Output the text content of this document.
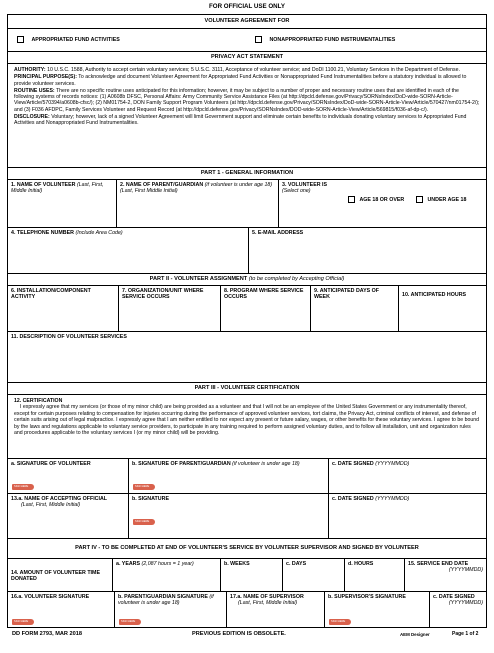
FOR OFFICIAL USE ONLY
VOLUNTEER AGREEMENT FOR
APPROPRIATED FUND ACTIVITIES	NONAPPROPRIATED FUND INSTRUMENTALITIES
PRIVACY ACT STATEMENT

AUTHORITY: 10 U.S.C. 1588, Authority to accept certain voluntary services; 5 U.S.C. 3111, Acceptance of volunteer service; and DoDI 1100.21, Voluntary Services in the Department of Defense.

PRINCIPAL PURPOSE(S): To acknowledge and document Volunteer Agreement for Appropriated Fund Activities or Nonappropriated Fund Instrumentalities before a statutory individual is allowed to provide volunteer services.

ROUTINE USES: There are no specific routine uses anticipated for this information; however, it may be subject to a number of proper and necessary routine uses that are identified in each of the following systems of records notices: (1) A0608b DFSC, Personal Affairs: Army Community Service Assistance Files (at http://dpcld.defense.gov/Privacy/SORNsIndex/DoD-wide-SORN-Article-View/Article/570394/a0608b-cfsc/); (2) NM01754-2, DON Family Support Program Volunteers (at http://dpcld.defense.gov/Privacy/SORNsIndex/DoD-wide-SORN-Article-View/Article/570427/nm01754-2/); and (3) F036 AFDPC, Family Services Volunteer and Request Record (at http://dpcld.defense.gov/Privacy/SORNsIndex/DOD-wide-SORN-Article-View/Article/569815/f036-af-dp-c/).

DISCLOSURE: Voluntary; however, lack of a signed Volunteer Agreement will limit Government support and eliminate certain benefits to individuals donating voluntary services to Appropriated Fund Activities and Nonappropriated Fund Instrumentalities.

PART 1 - GENERAL INFORMATION
1. NAME OF VOLUNTEER (Last, First, Middle Initial)
2. NAME OF PARENT/GUARDIAN (if volunteer is under age 18) (Last, First Middle Initial)
3. VOLUNTEER IS
(Select one)
AGE 18 OR OVER	UNDER AGE 18
4. TELEPHONE NUMBER (Include Area Code)	5. E-MAIL ADDRESS
PART II - VOLUNTEER ASSIGNMENT (to be completed by Accepting Official)
6. INSTALLATION/COMPONENT ACTIVITY
7. ORGANIZATION/UNIT WHERE SERVICE OCCURS
8. PROGRAM WHERE SERVICE OCCURS
9. ANTICIPATED DAYS OF WEEK	10. ANTICIPATED HOURS
11. DESCRIPTION OF VOLUNTEER SERVICES
PART III - VOLUNTEER CERTIFICATION
12. CERTIFICATION
I expressly agree that my services (or those of my minor child) are being provided as a volunteer and that I will not be an employee of the United States Government or any instrumentality thereof, except for certain purposes relating to compensation for injuries occurring during the performance of approved volunteer services, tort claims, the Privacy Act, criminal conflicts of interest, and defense of certain suits arising out of legal malpractice. I expressly agree that I am neither entitled to nor expect any present or future salary, wages, or other benefits for these voluntary services. I agree to be bound by the laws and regulations applicable to voluntary service providers, to participate in any training required to perform assigned voluntary duties, and to follow all installation, unit and organization rules and procedures applicable to the voluntary services I (or my minor child) will be providing.
a. SIGNATURE OF VOLUNTEER
SIGN HERE
b. SIGNATURE OF PARENT/GUARDIAN (if volunteer is under age 18)
SIGN HERE
c. DATE SIGNED (YYYYMMDD)
13.a. NAME OF ACCEPTING OFFICIAL
(Last, First, Middle Initial)
b. SIGNATURE
SIGN HERE
c. DATE SIGNED (YYYYMMDD)
PART IV - TO BE COMPLETED AT END OF VOLUNTEER'S SERVICE BY VOLUNTEER SUPERVISOR AND SIGNED BY VOLUNTEER
14. AMOUNT OF VOLUNTEER TIME DONATED
a. YEARS (2,087 hours = 1 year)	b. WEEKS	c. DAYS	d. HOURS	15. SERVICE END DATE
(YYYYMMDD)
16.a. VOLUNTEER SIGNATURE
SIGN HERE
b. PARENT/GUARDIAN SIGNATURE (if volunteer is under age 18)
SIGN HERE
17.a. NAME OF SUPERVISOR
(Last, First, Middle Initial)
b. SUPERVISOR'S SIGNATURE
SIGN HERE
c. DATE SIGNED
(YYYYMMDD)
DD FORM 2793, MAR 2018	PREVIOUS EDITION IS OBSOLETE.	AEM Designer	Page 1 of 2
